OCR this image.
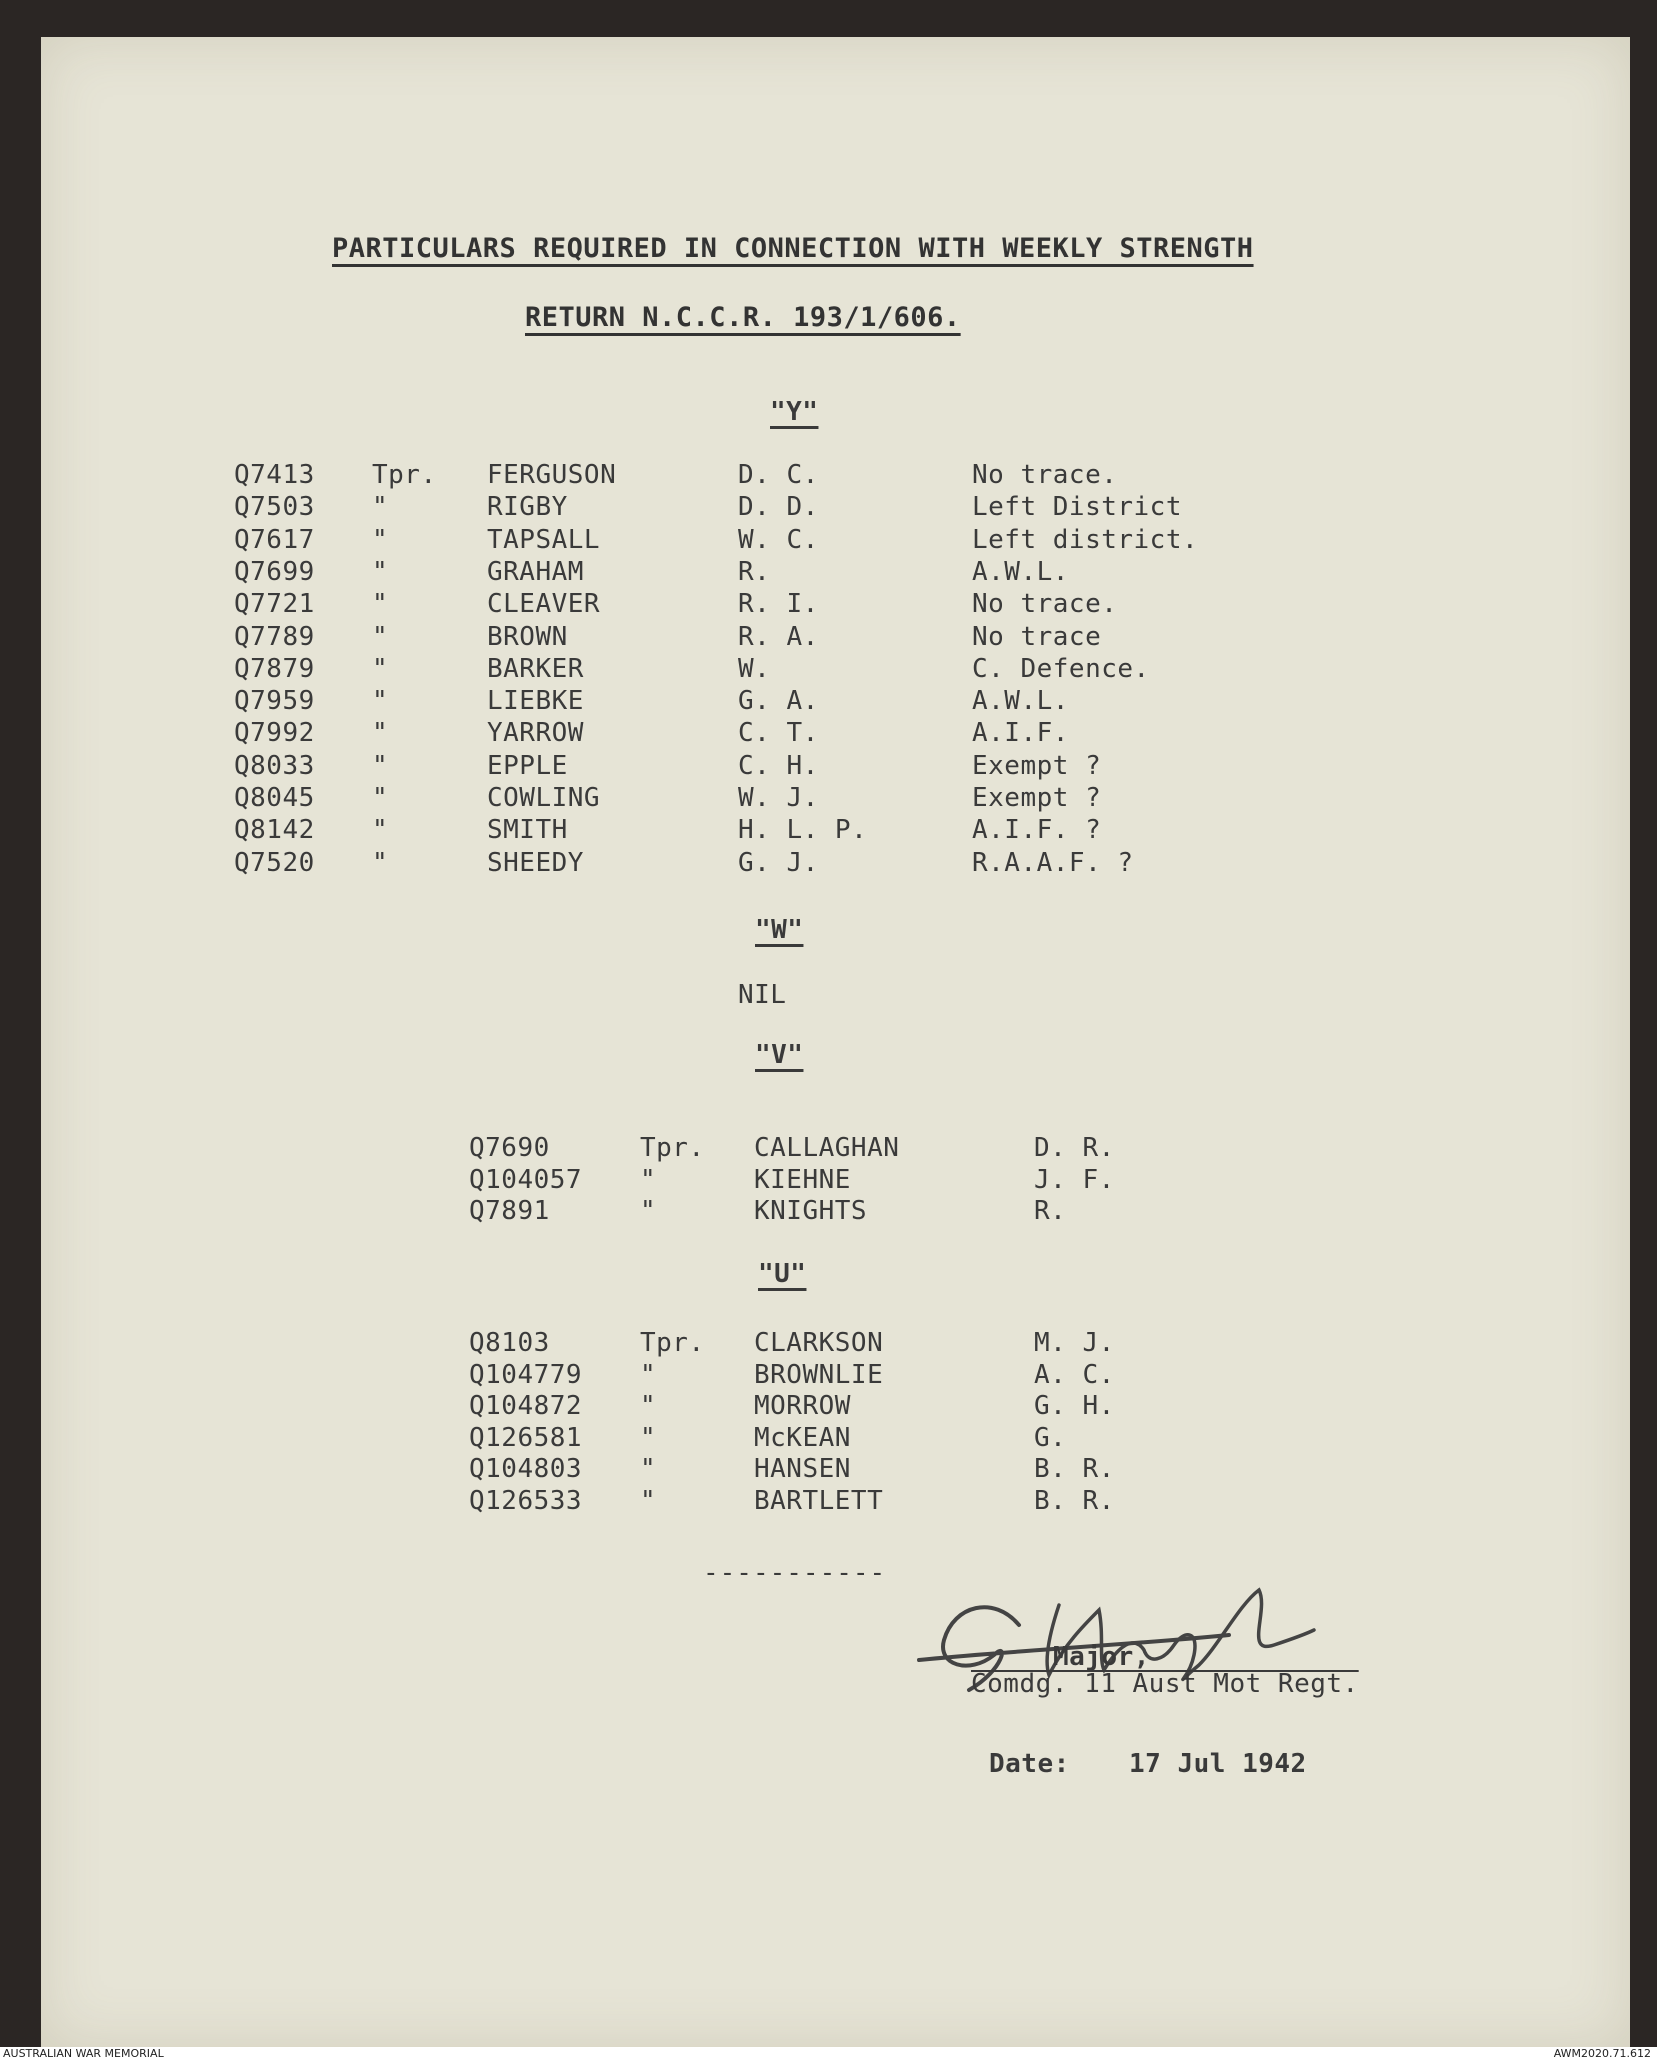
PARTICULARS REQUIRED IN CONNECTION WITH WEEKLY STRENGTH
RETURN N.C.C.R. 193/1/606.
"Y"
Q7413 Tpr. FERGUSON	D. C.	No trace.
Q7503 "	RIGBY	D. D.	Left District
Q7617 "	TAPSALL	W. C.	Left district.
Q7699 "	GRAHAM	R.	A.W.L.
Q7721 "	CLEAVER	R. I.	No trace.
Q7789 "	BROWN	R. A.	No trace
Q7879 "	BARKER	W.	C. Defence.
Q7959 "	LIEBKE	G. A.	A.W.L.
Q7992 "	YARROW	C. T.	A.I.F.
Q8033 "	EPPLE	C. H.	Exempt ?
Q8045 "	COWLING	W. J.	Exempt ?
Q8142 "	SMITH	H. L. P.	A.I.F. ?
Q7520 "	SHEEDY	G. J.	R.A.A.F. ?
"W"
NIL
"V"
Q7690	Tpr. CALLAGHAN	D. R.
Q104057 "	KIEHNE	J. F.
Q7891	"	KNIGHTS	R.
"U"
Q8103	Tpr. CLARKSON	M. J.
Q104779 "	BROWNLIE	A. C.
Q104872 "	MORROW	G. H.
Q126581 "	McKEAN	G.
Q104803 "	HANSEN	B. R.
Q126533 "	BARTLETT	B. R.
-----------
Major,
Comdg. 11 Aust Mot Regt.
Date: 17 Jul 1942
AUSTRALIAN WAR MEMORIAL	AWM2020.71.612
